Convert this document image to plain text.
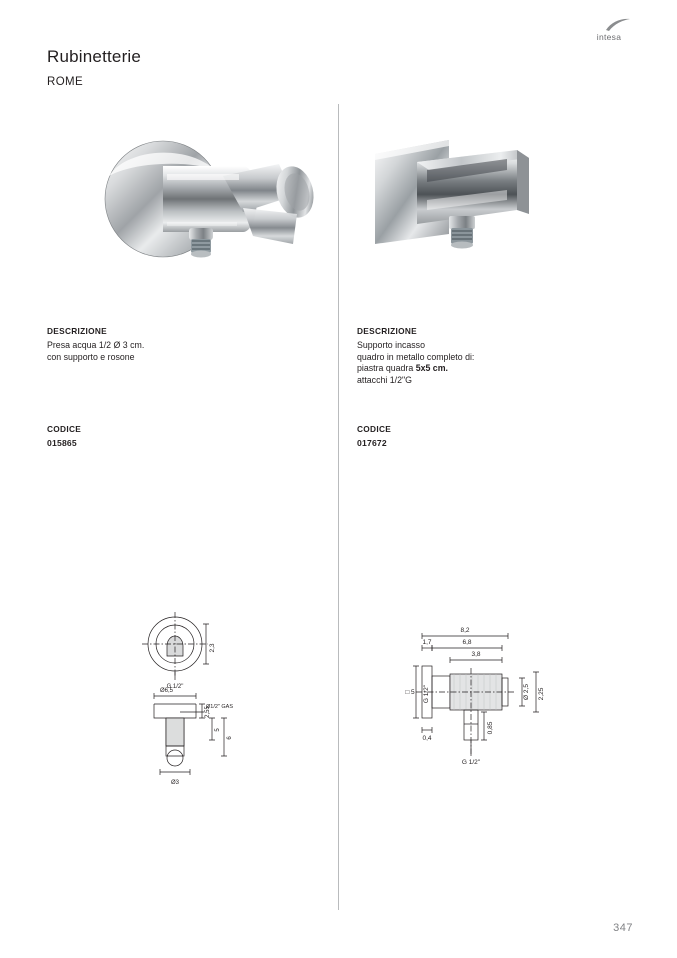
intesa
Rubinetterie
ROME
DESCRIZIONE
Presa acqua 1/2 Ø 3 cm.
con supporto e rosone
CODICE
015865
DESCRIZIONE
Supporto incasso
quadro in metallo completo di:
piastra quadra 5x5 cm.
attacchi 1/2"G
CODICE
017672
2,3
G 1/2"
Ø6,5
Ø1/2" GAS
2,55
5
6
Ø3
8,2
6,8
3,8
1,7
□ 5 G 1/2"
0,4
0,85
G 1/2"
Ø 2,5 2,25
347
